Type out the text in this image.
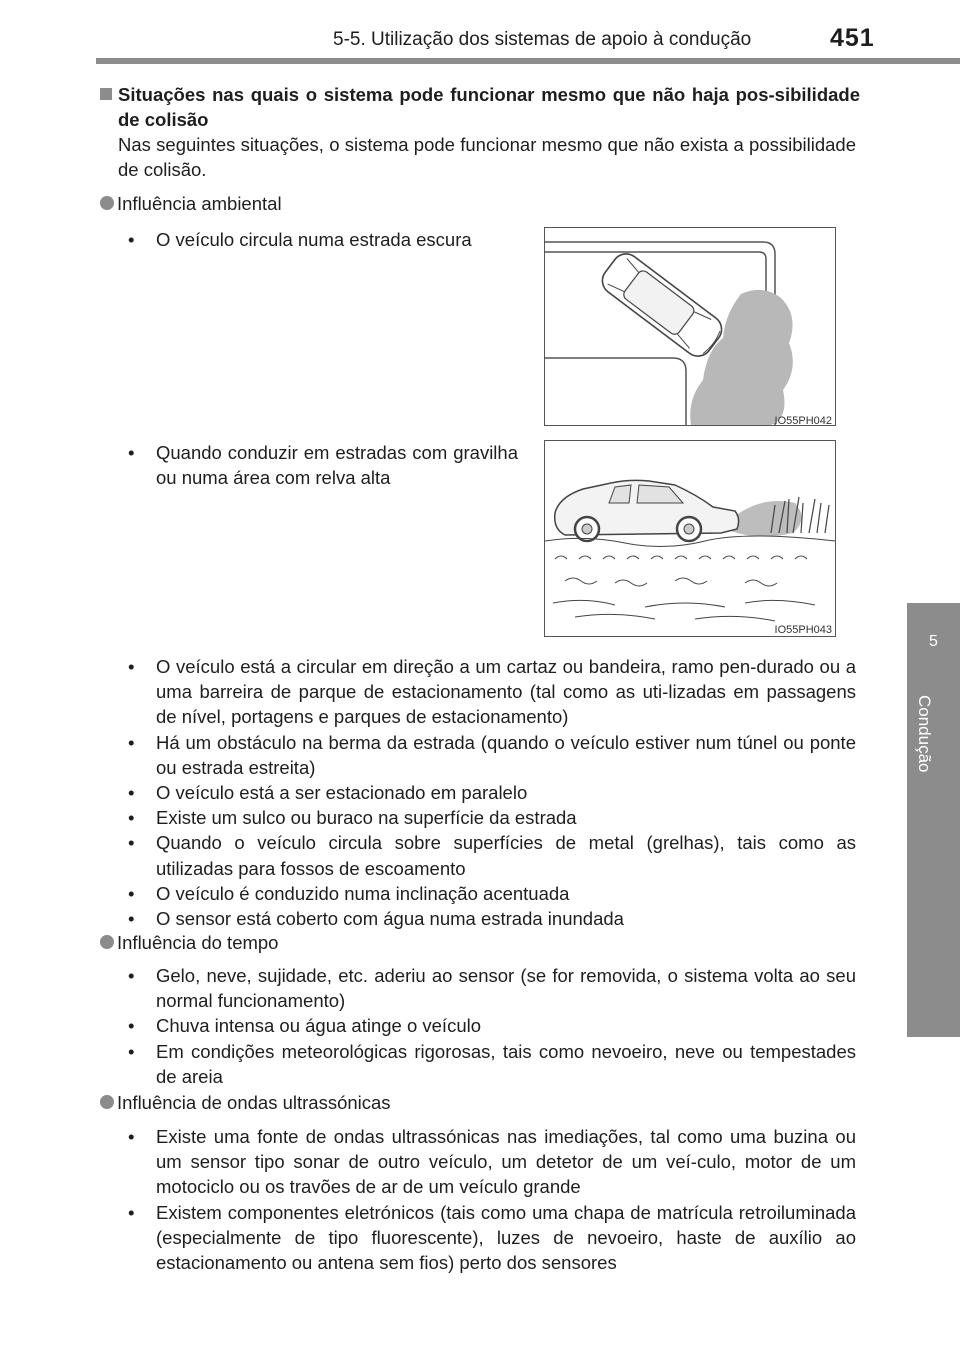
5-5. Utilização dos sistemas de apoio à condução	451
5
Condução
Situações nas quais o sistema pode funcionar mesmo que não haja pos-sibilidade de colisão
Nas seguintes situações, o sistema pode funcionar mesmo que não exista a possibilidade de colisão.
Influência ambiental
• O veículo circula numa estrada escura
IO55PH042
• Quando conduzir em estradas com gravilha ou numa área com relva alta
IO55PH043
• O veículo está a circular em direção a um cartaz ou bandeira, ramo pen-durado ou a uma barreira de parque de estacionamento (tal como as uti-lizadas em passagens de nível, portagens e parques de estacionamento)
• Há um obstáculo na berma da estrada (quando o veículo estiver num túnel ou ponte ou estrada estreita)
• O veículo está a ser estacionado em paralelo
• Existe um sulco ou buraco na superfície da estrada
• Quando o veículo circula sobre superfícies de metal (grelhas), tais como as utilizadas para fossos de escoamento
• O veículo é conduzido numa inclinação acentuada
• O sensor está coberto com água numa estrada inundada
Influência do tempo
• Gelo, neve, sujidade, etc. aderiu ao sensor (se for removida, o sistema volta ao seu normal funcionamento)
• Chuva intensa ou água atinge o veículo
• Em condições meteorológicas rigorosas, tais como nevoeiro, neve ou tempestades de areia
Influência de ondas ultrassónicas
• Existe uma fonte de ondas ultrassónicas nas imediações, tal como uma buzina ou um sensor tipo sonar de outro veículo, um detetor de um veí-culo, motor de um motociclo ou os travões de ar de um veículo grande
• Existem componentes eletrónicos (tais como uma chapa de matrícula retroiluminada (especialmente de tipo fluorescente), luzes de nevoeiro, haste de auxílio ao estacionamento ou antena sem fios) perto dos sensores
